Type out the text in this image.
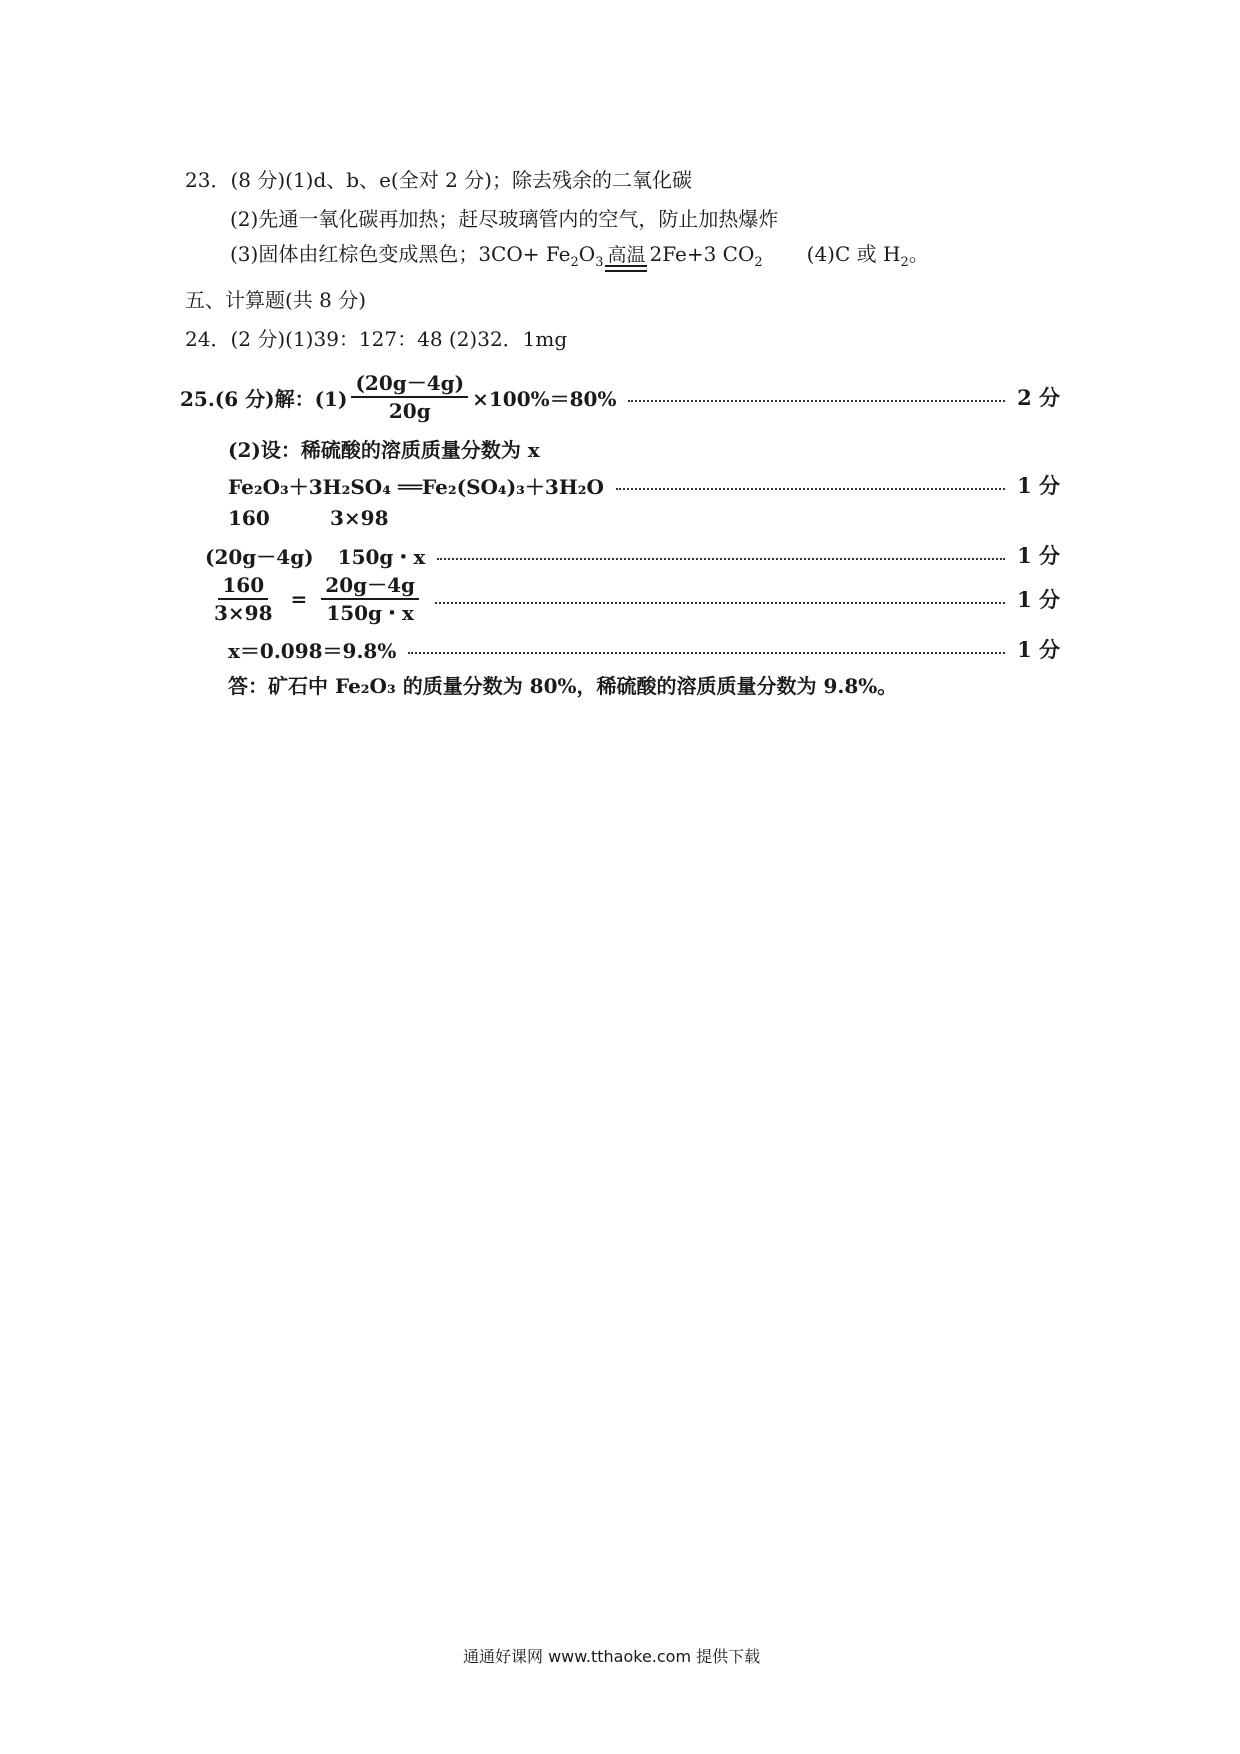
23．(8 分)(1)d、b、e(全对 2 分)；除去残余的二氧化碳
(2)先通一氧化碳再加热；赶尽玻璃管内的空气，防止加热爆炸
(3)固体由红棕色变成黑色；$3CO+ Fe_2O_3$ 高温 2Fe+3 $CO_2$ (4)C 或 $H_2$。
五、计算题(共 8 分)
24．(2 分)(1)39：127：48 (2)32．1mg
25.(6 分)解：$(1) \frac{(20g-4g)}{20g} \times 100\%=80\%$	2 分
(2)设：稀硫酸的溶质质量分数为 x
Fe₂O₃＋3H₂SO₄ ══Fe₂(SO₄)₃＋3H₂O	1 分
160	3×98
(20g－4g) 150g・x	1 分
$\frac{160}{3\times 98} = \frac{20g-4g}{150g・x}$	1 分
x＝0.098＝9.8%	1 分
答：矿石中 Fe₂O₃ 的质量分数为 80%，稀硫酸的溶质质量分数为 9.8%。
通通好课网 www.tthaoke.com 提供下载
